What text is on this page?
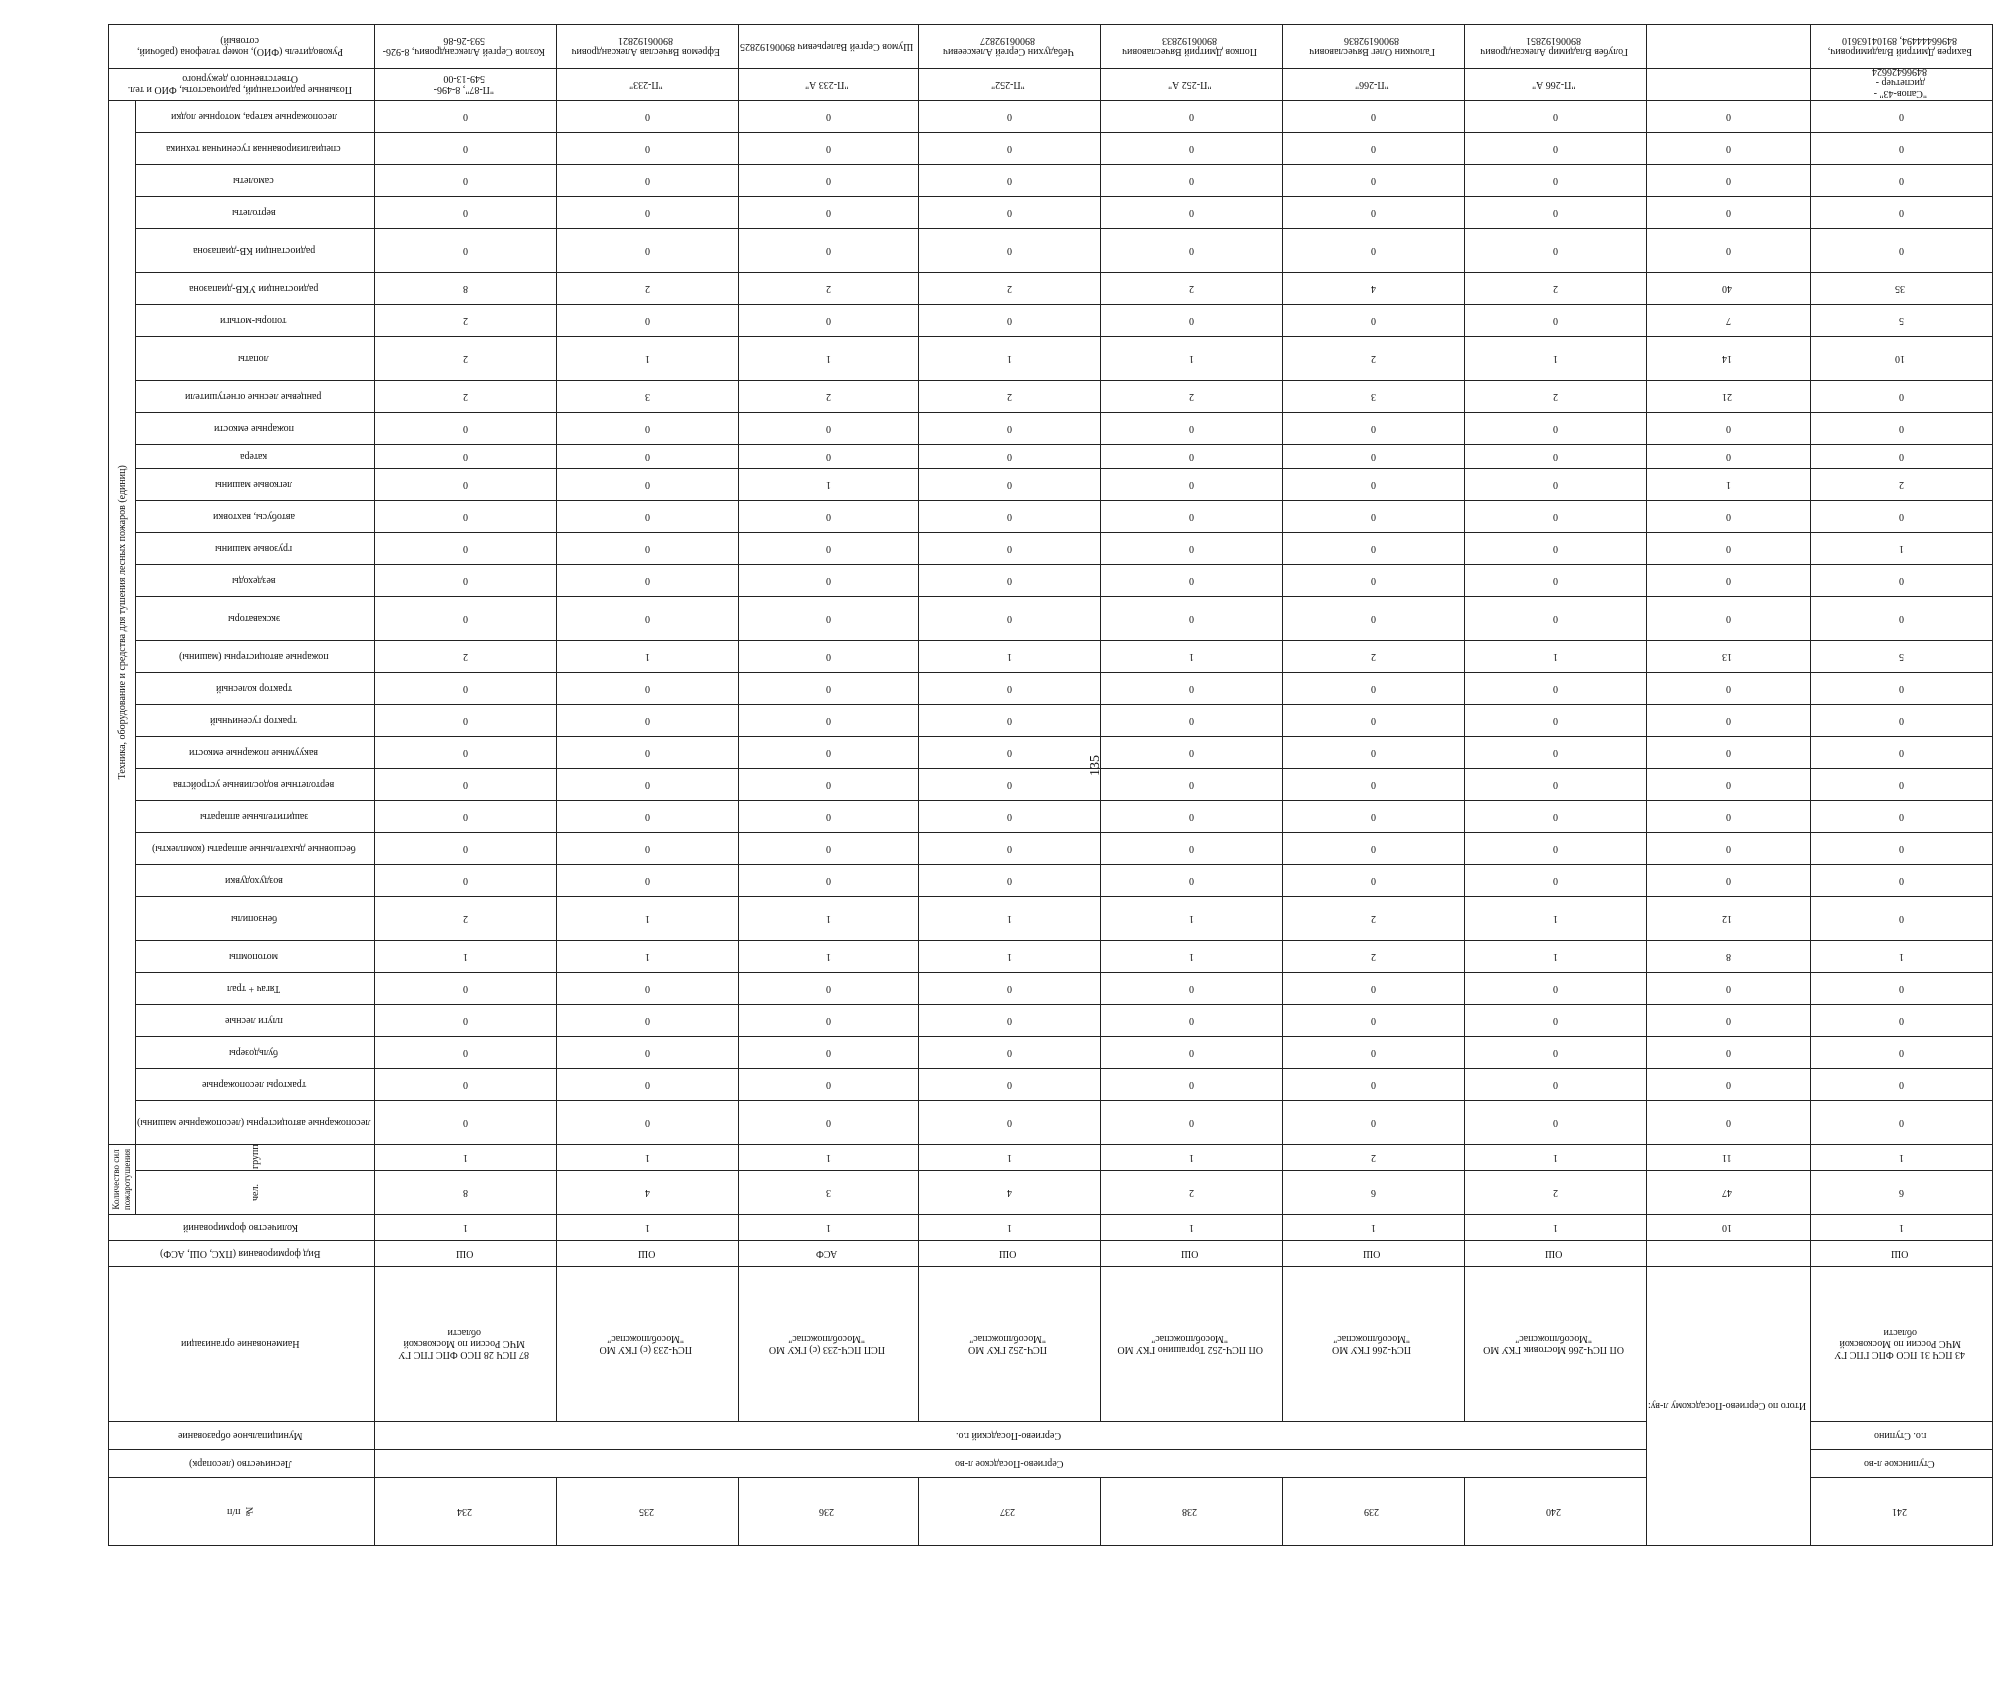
№ п/п	Лесничество (лесопарк)	Муниципальное образование	Наименование организации	Вид формирования (ПХС, ОШ, АСФ)	Количество формирований	Количество сил пожаротушения		Техника, оборудование и средства для тушения лесных пожаров (единиц)																															Позывные радиостанций, радиочастоты, ФИО и тел. Ответственного дежурного	Руководитель (ФИО), номер телефона (рабочий, сотовый)
						чел.	групп	лесопожарные автоцистерны (лесопожарные машины)	тракторы лесопожарные	бульдозеры	плуги лесные	Тягач + трал	мотопомпы	бензопилы	воздуходувки	бесшовные дыхательные аппараты (комплекты)	защитительные аппараты	вертолетные водосливные устройства	вакуумные пожарные емкости	трактор гусеничный	трактор колесный	пожарные автоцистерны (машины)	экскаваторы	вездеходы	грузовые машины	автобусы, вахтовки	легковые машины	катера	пожарные емкости	ранцевые лесные огнетушители	лопаты	топоры-мотыги	радиостанции УКВ-диапазона	радиостанции КВ-диапазона	вертолеты	самолеты	специализированная гусеничная техника	лесопожарные катера, моторные лодки		
234	Сергиево-Посадское л-во	Сергиево-Посадский г.о.	87 ПСЧ 28 ПСО ФПС ГПС ГУ МЧС России по Московской области	ОШ	1	8	1	0	0	0	0	0	1	2	0	0	0	0	0	0	0	2	0	0	0	0	0	0	0	2	2	2	8	0	0	0	0	0	"П-87", 8-496-549-13-00	Козлов Сергей Александрович, 8-926-593-26-86
235			ПСЧ-233 (с) ГКУ МО "Мособлпожспас"	ОШ	1	4	1	0	0	0	0	0	1	1	0	0	0	0	0	0	0	1	0	0	0	0	0	0	0	3	1	0	2	0	0	0	0	0	"П-233"	Ефремов Вячеслав Александрович 89006192821
236			ПСП ПСЧ-233 (с) ГКУ МО "Мособлпожспас"	АСФ	1	3	1	0	0	0	0	0	1	1	0	0	0	0	0	0	0	0	0	0	0	0	1	0	0	2	1	0	2	0	0	0	0	0	"П-233 А"	Шумов Сергей Валерьевич 89006192825
237			ПСЧ-252 ГКУ МО "Мособлпожспас"	ОШ	1	4	1	0	0	0	0	0	1	1	0	0	0	0	0	0	0	1	0	0	0	0	0	0	0	2	1	0	2	0	0	0	0	0	"П-252"	Чебадухин Сергей Алексеевич 89006192827
238			ОП ПСЧ-252 Торгашино ГКУ МО "Мособлпожспас"	ОШ	1	2	1	0	0	0	0	0	1	1	0	0	0	0	0	0	0	1	0	0	0	0	0	0	0	2	1	0	2	0	0	0	0	0	"П-252 А"	Попков Дмитрий Вячеславович 89006192833
239			ПСЧ-266 ГКУ МО "Мособлпожспас"	ОШ	1	6	2	0	0	0	0	0	2	2	0	0	0	0	0	0	0	2	0	0	0	0	0	0	0	3	2	0	4	0	0	0	0	0	"П-266"	Галочкин Олег Вячеславович 89006192836
240			ОП ПСЧ-266 Мостовик ГКУ МО "Мособлпожспас"	ОШ	1	2	1	0	0	0	0	0	1	1	0	0	0	0	0	0	0	1	0	0	0	0	0	0	0	2	1	0	2	0	0	0	0	0	"П-266 А"	Голубев Владимир Александрович 89006192851
Итого по Сергиево-Посадскому л-ву:					10	47	11	0	0	0	0	0	8	12	0	0	0	0	0	0	0	13	0	0	0	0	1	0	0	21	14	7	40	0	0	0	0	0		
241	Ступинское л-во	г.о. Ступино	43 ПСЧ 31 ПСО ФПС ГПС ГУ МЧС России по Московской области	ОШ	1	6	1	0	0	0	0	0	1	0	0	0	0	0	0	0	0	5	0	0	1	0	2	0	0	0	10	5	35	0	0	0	0	0	"Сапов-43" - диспетчер - 84966426624	Бахирев Дмитрий Владимирович, 84966444494, 89104163610
135
